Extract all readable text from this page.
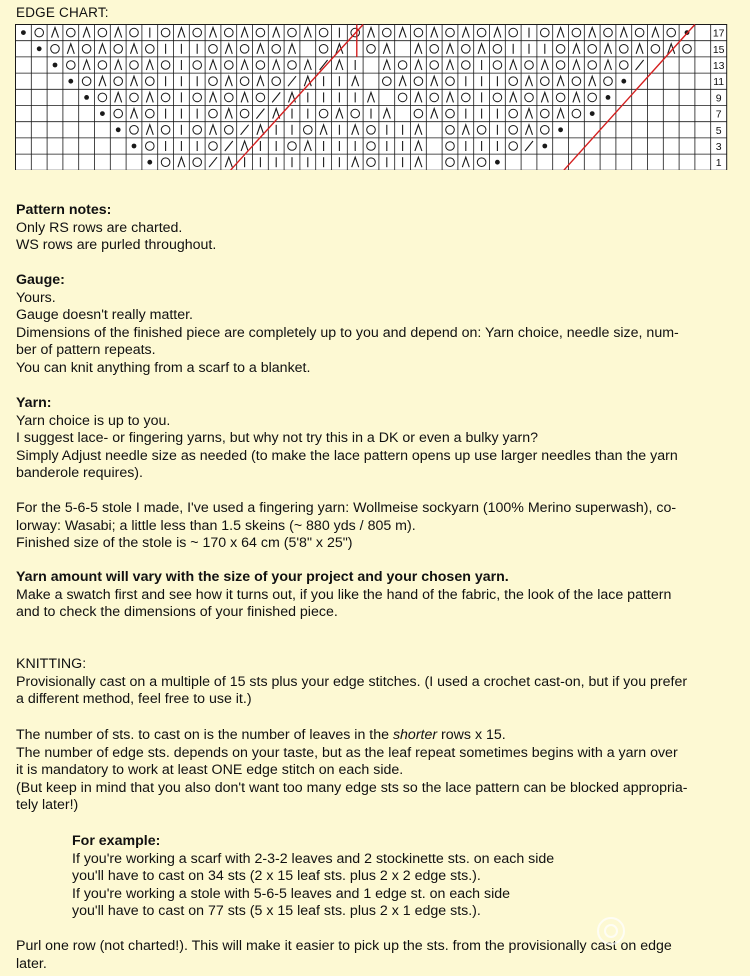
EDGE CHART:
17
15
13
11
9
7
5
3
1

Pattern notes:

Only RS rows are charted.

WS rows are purled throughout.

Gauge:

Yours.

Gauge doesn't really matter.

Dimensions of the finished piece are completely up to you and depend on: Yarn choice, needle size, num-

ber of pattern repeats.

You can knit anything from a scarf to a blanket.

Yarn:

Yarn choice is up to you.

I suggest lace- or fingering yarns, but why not try this in a DK or even a bulky yarn?

Simply Adjust needle size as needed (to make the lace pattern opens up use larger needles than the yarn

banderole requires).

For the 5-6-5 stole I made, I've used a fingering yarn: Wollmeise sockyarn (100% Merino superwash), co-

lorway: Wasabi; a little less than 1.5 skeins (~ 880 yds / 805 m).

Finished size of the stole is ~ 170 x 64 cm (5'8" x 25")

Yarn amount will vary with the size of your project and your chosen yarn.

Make a swatch first and see how it turns out, if you like the hand of the fabric, the look of the lace pattern

and to check the dimensions of your finished piece.

KNITTING:

Provisionally cast on a multiple of 15 sts plus your edge stitches. (I used a crochet cast-on, but if you prefer

a different method, feel free to use it.)

The number of sts. to cast on is the number of leaves in the shorter rows x 15.

The number of edge sts. depends on your taste, but as the leaf repeat sometimes begins with a yarn over

it is mandatory to work at least ONE edge stitch on each side.

(But keep in mind that you also don't want too many edge sts so the lace pattern can be blocked appropria-

tely later!)

For example:

If you're working a scarf with 2-3-2 leaves and 2 stockinette sts. on each side

you'll have to cast on 34 sts (2 x 15 leaf sts. plus 2 x 2 edge sts.).

If you're working a stole with 5-6-5 leaves and 1 edge st. on each side

you'll have to cast on 77 sts (5 x 15 leaf sts. plus 2 x 1 edge sts.).

Purl one row (not charted!). This will make it easier to pick up the sts. from the provisionally cast on edge

later.
